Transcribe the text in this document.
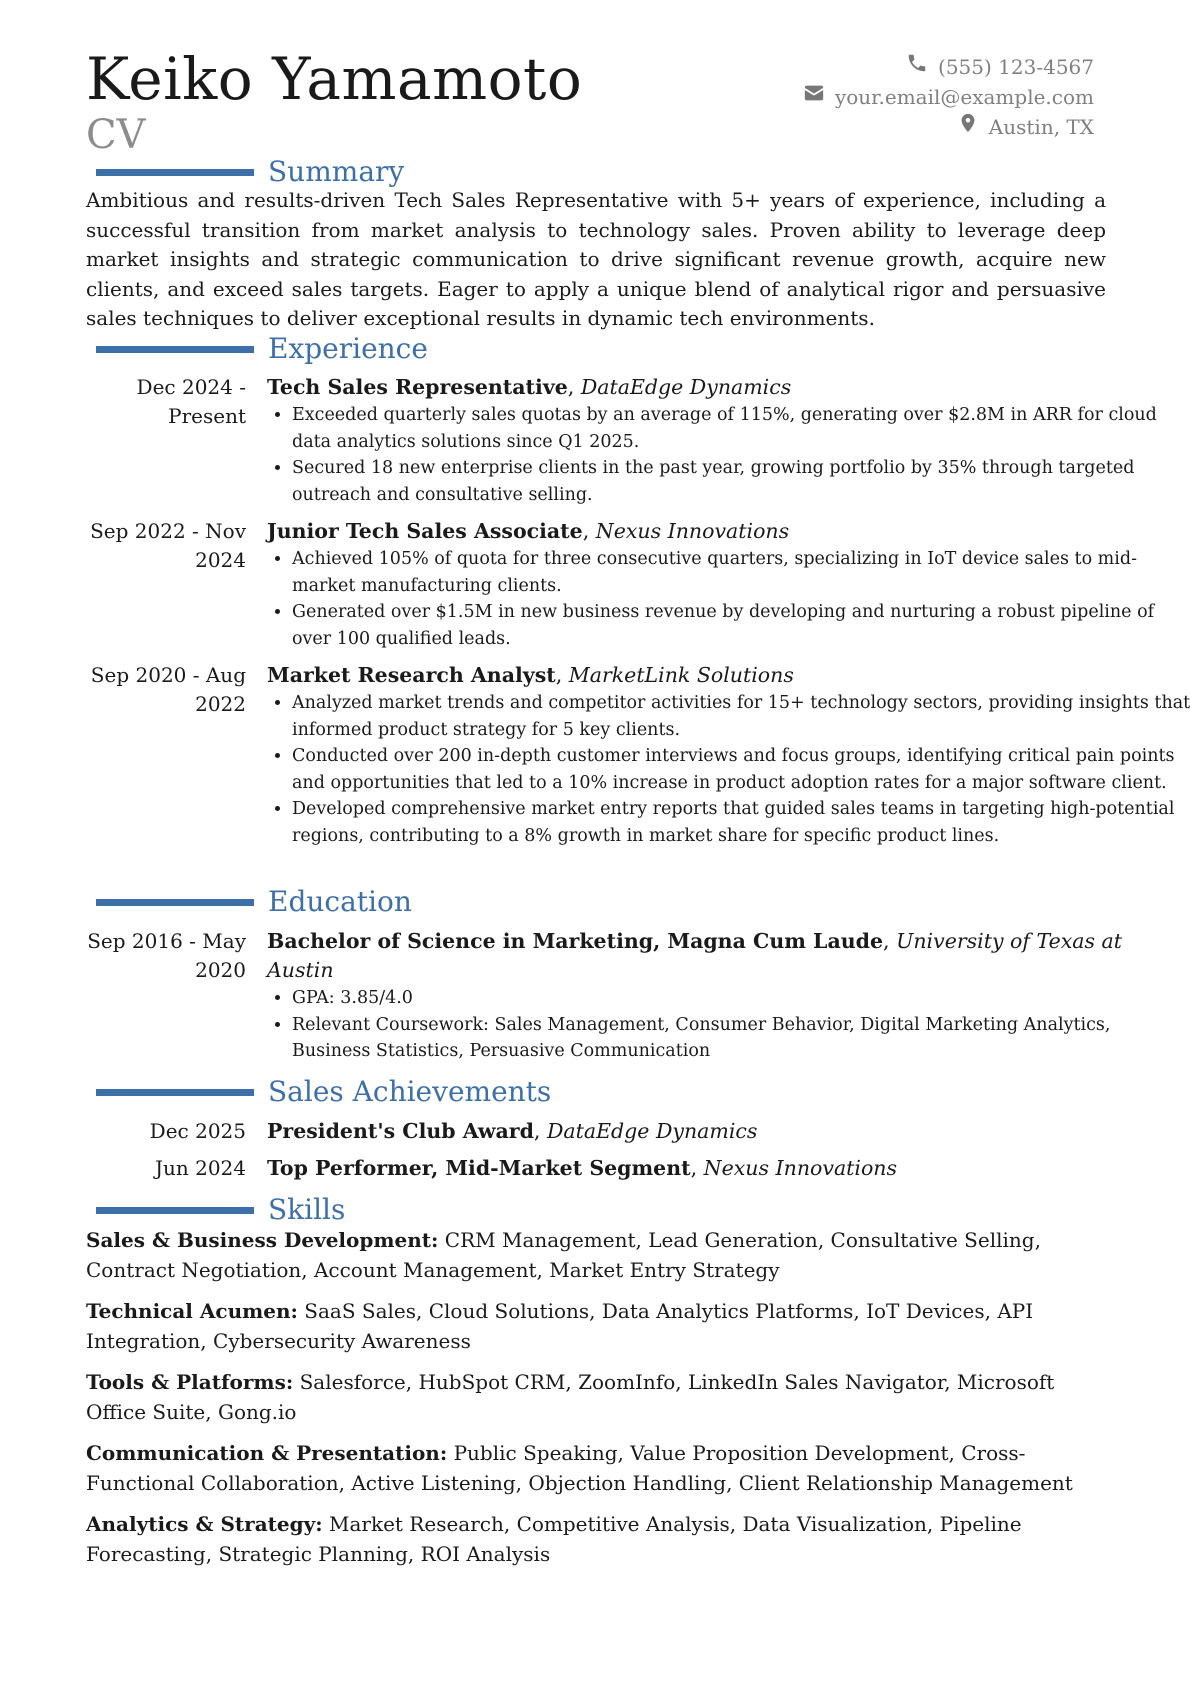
Keiko Yamamoto
CV
(555) 123-4567
your.email@example.com
Austin, TX
Summary
Ambitious and results-driven Tech Sales Representative with 5+ years of experience, including a successful transition from market analysis to technology sales. Proven ability to leverage deep market insights and strategic communication to drive significant revenue growth, acquire new clients, and exceed sales targets. Eager to apply a unique blend of analytical rigor and persuasive sales techniques to deliver exceptional results in dynamic tech environments.
Experience
Dec 2024 -
Present
Tech Sales Representative, DataEdge Dynamics
• Exceeded quarterly sales quotas by an average of 115%, generating over $2.8M in ARR for cloud data analytics solutions since Q1 2025.
• Secured 18 new enterprise clients in the past year, growing portfolio by 35% through targeted outreach and consultative selling.
Sep 2022 - Nov
2024
Junior Tech Sales Associate, Nexus Innovations
• Achieved 105% of quota for three consecutive quarters, specializing in IoT device sales to mid-market manufacturing clients.
• Generated over $1.5M in new business revenue by developing and nurturing a robust pipeline of over 100 qualified leads.
Sep 2020 - Aug
2022
Market Research Analyst, MarketLink Solutions
• Analyzed market trends and competitor activities for 15+ technology sectors, providing insights that informed product strategy for 5 key clients.
• Conducted over 200 in-depth customer interviews and focus groups, identifying critical pain points and opportunities that led to a 10% increase in product adoption rates for a major software client.
• Developed comprehensive market entry reports that guided sales teams in targeting high-potential regions, contributing to a 8% growth in market share for specific product lines.
Education
Sep 2016 - May
2020
Bachelor of Science in Marketing, Magna Cum Laude, University of Texas at Austin
• GPA: 3.85/4.0
• Relevant Coursework: Sales Management, Consumer Behavior, Digital Marketing Analytics, Business Statistics, Persuasive Communication
Sales Achievements
Dec 2025 President's Club Award, DataEdge Dynamics
Jun 2024 Top Performer, Mid-Market Segment, Nexus Innovations
Skills
Sales & Business Development: CRM Management, Lead Generation, Consultative Selling, Contract Negotiation, Account Management, Market Entry Strategy
Technical Acumen: SaaS Sales, Cloud Solutions, Data Analytics Platforms, IoT Devices, API Integration, Cybersecurity Awareness
Tools & Platforms: Salesforce, HubSpot CRM, ZoomInfo, LinkedIn Sales Navigator, Microsoft Office Suite, Gong.io
Communication & Presentation: Public Speaking, Value Proposition Development, Cross-Functional Collaboration, Active Listening, Objection Handling, Client Relationship Management
Analytics & Strategy: Market Research, Competitive Analysis, Data Visualization, Pipeline Forecasting, Strategic Planning, ROI Analysis
